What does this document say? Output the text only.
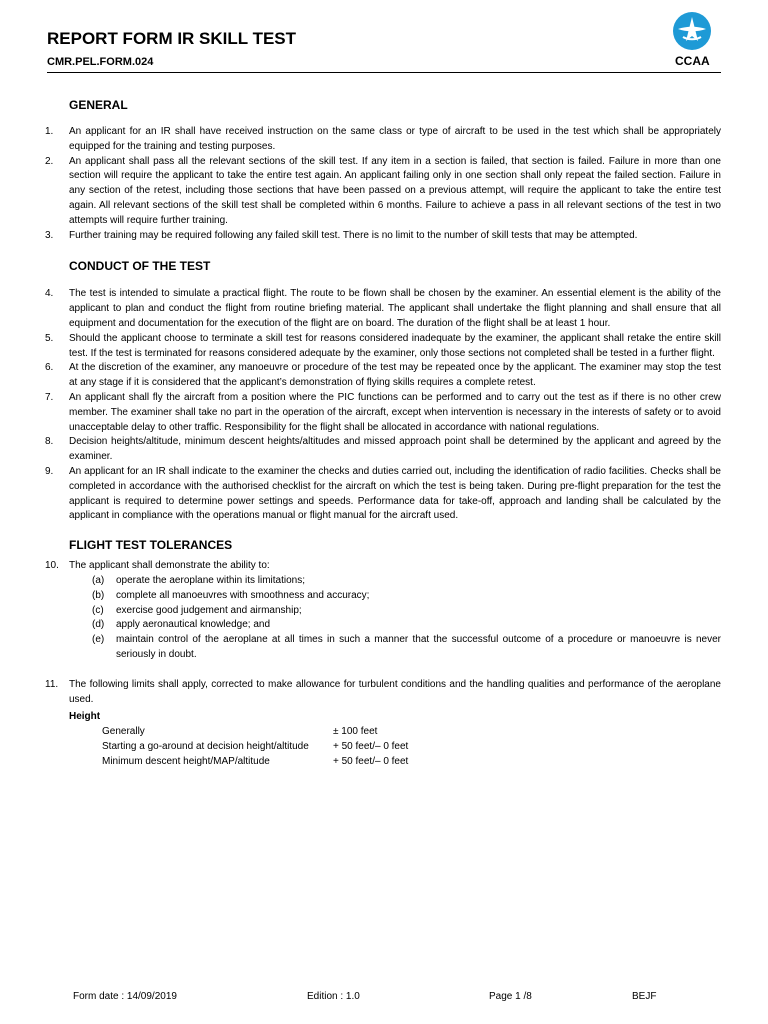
REPORT FORM IR SKILL TEST
CMR.PEL.FORM.024	CCAA
GENERAL
1. An applicant for an IR shall have received instruction on the same class or type of aircraft to be used in the test which shall be appropriately equipped for the training and testing purposes.
2. An applicant shall pass all the relevant sections of the skill test. If any item in a section is failed, that section is failed. Failure in more than one section will require the applicant to take the entire test again. An applicant failing only in one section shall only repeat the failed section. Failure in any section of the retest, including those sections that have been passed on a previous attempt, will require the applicant to take the entire test again. All relevant sections of the skill test shall be completed within 6 months. Failure to achieve a pass in all relevant sections of the test in two attempts will require further training.
3. Further training may be required following any failed skill test. There is no limit to the number of skill tests that may be attempted.
CONDUCT OF THE TEST
4. The test is intended to simulate a practical flight. The route to be flown shall be chosen by the examiner. An essential element is the ability of the applicant to plan and conduct the flight from routine briefing material. The applicant shall undertake the flight planning and shall ensure that all equipment and documentation for the execution of the flight are on board. The duration of the flight shall be at least 1 hour.
5. Should the applicant choose to terminate a skill test for reasons considered inadequate by the examiner, the applicant shall retake the entire skill test. If the test is terminated for reasons considered adequate by the examiner, only those sections not completed shall be tested in a further flight.
6. At the discretion of the examiner, any manoeuvre or procedure of the test may be repeated once by the applicant. The examiner may stop the test at any stage if it is considered that the applicant’s demonstration of flying skills requires a complete retest.
7. An applicant shall fly the aircraft from a position where the PIC functions can be performed and to carry out the test as if there is no other crew member. The examiner shall take no part in the operation of the aircraft, except when intervention is necessary in the interests of safety or to avoid unacceptable delay to other traffic. Responsibility for the flight shall be allocated in accordance with national regulations.
8. Decision heights/altitude, minimum descent heights/altitudes and missed approach point shall be determined by the applicant and agreed by the examiner.
9. An applicant for an IR shall indicate to the examiner the checks and duties carried out, including the identification of radio facilities. Checks shall be completed in accordance with the authorised checklist for the aircraft on which the test is being taken. During pre-flight preparation for the test the applicant is required to determine power settings and speeds. Performance data for take-off, approach and landing shall be calculated by the applicant in compliance with the operations manual or flight manual for the aircraft used.
FLIGHT TEST TOLERANCES
10. The applicant shall demonstrate the ability to:
(a) operate the aeroplane within its limitations;
(b) complete all manoeuvres with smoothness and accuracy;
(c) exercise good judgement and airmanship;
(d) apply aeronautical knowledge; and
(e) maintain control of the aeroplane at all times in such a manner that the successful outcome of a procedure or manoeuvre is never seriously in doubt.
11. The following limits shall apply, corrected to make allowance for turbulent conditions and the handling qualities and performance of the aeroplane used.
Height
Generally	± 100 feet
Starting a go-around at decision height/altitude	+ 50 feet/– 0 feet
Minimum descent height/MAP/altitude	+ 50 feet/– 0 feet
Form date : 14/09/2019	Edition : 1.0	Page 1 /8	BEJF
